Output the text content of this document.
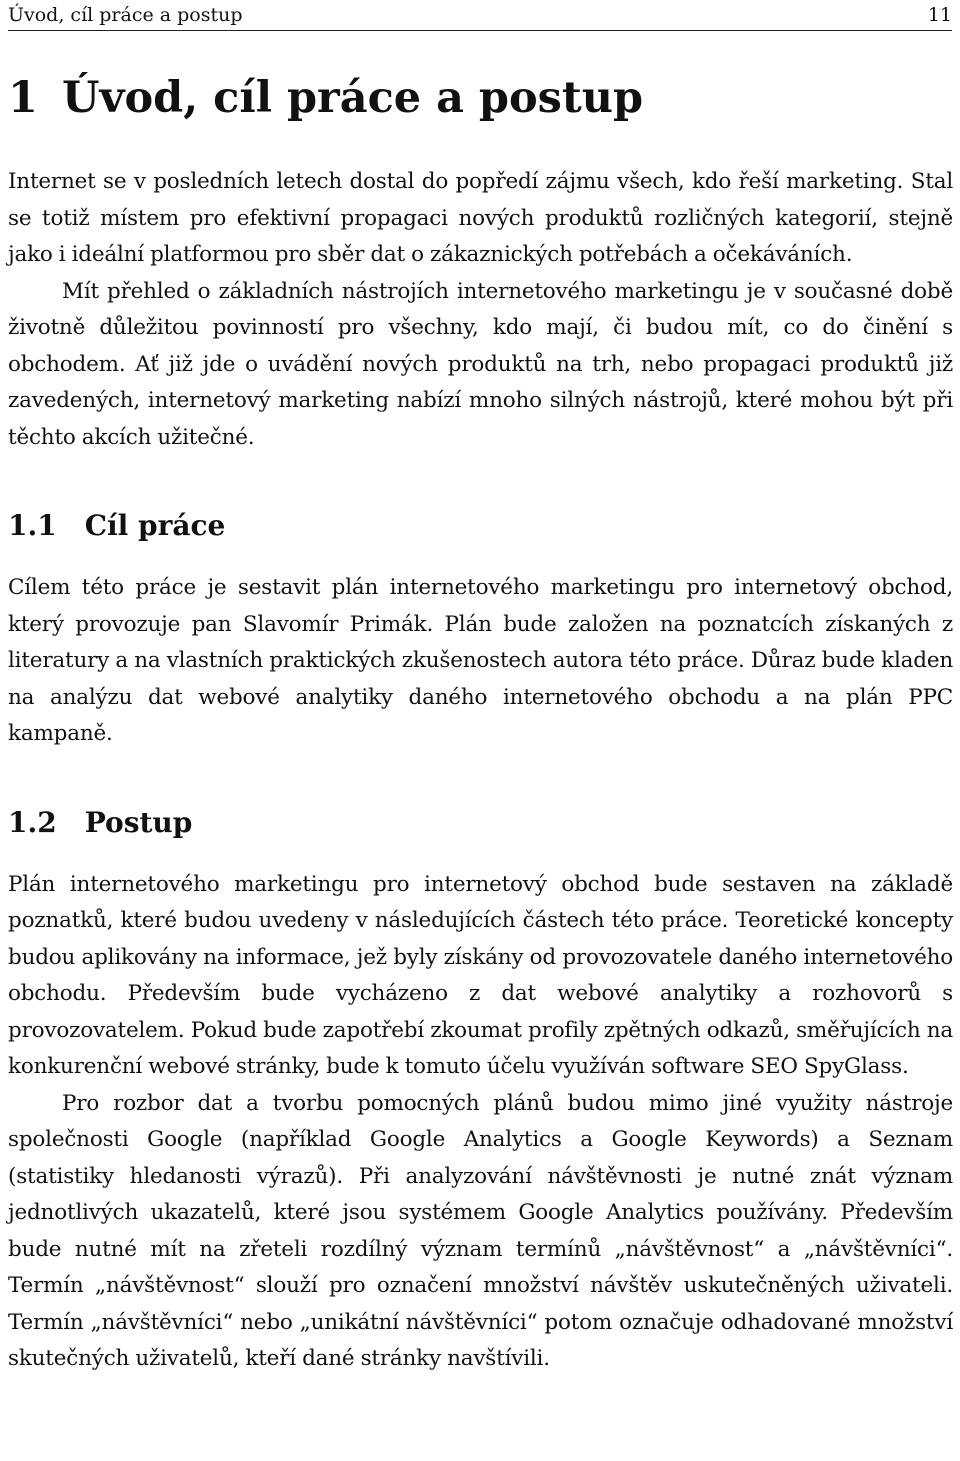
Úvod, cíl práce a postup	11
1 Úvod, cíl práce a postup

Internet se v posledních letech dostal do popředí zájmu všech, kdo řeší marketing. Stal se totiž místem pro efektivní propagaci nových produktů rozličných kategorií, stejně jako i ideální platformou pro sběr dat o zákaznických potřebách a očekáváních.

Mít přehled o základních nástrojích internetového marketingu je v současné době životně důležitou povinností pro všechny, kdo mají, či budou mít, co do činění s obchodem. Ať již jde o uvádění nových produktů na trh, nebo propagaci produktů již zavedených, internetový marketing nabízí mnoho silných nástrojů, které mohou být při těchto akcích užitečné.

1.1 Cíl práce

Cílem této práce je sestavit plán internetového marketingu pro internetový obchod, který provozuje pan Slavomír Primák. Plán bude založen na poznatcích získaných z literatury a na vlastních praktických zkušenostech autora této práce. Důraz bude kladen na analýzu dat webové analytiky daného internetového obchodu a na plán PPC kampaně.

1.2 Postup

Plán internetového marketingu pro internetový obchod bude sestaven na základě poznatků, které budou uvedeny v následujících částech této práce. Teoretické koncepty budou aplikovány na informace, jež byly získány od provozovatele daného internetového obchodu. Především bude vycházeno z dat webové analytiky a rozhovorů s provozovatelem. Pokud bude zapotřebí zkoumat profily zpětných odkazů, směřujících na konkurenční webové stránky, bude k tomuto účelu využíván software SEO SpyGlass.

Pro rozbor dat a tvorbu pomocných plánů budou mimo jiné využity nástroje společnosti Google (například Google Analytics a Google Keywords) a Seznam (statistiky hledanosti výrazů). Při analyzování návštěvnosti je nutné znát význam jednotlivých ukazatelů, které jsou systémem Google Analytics používány. Především bude nutné mít na zřeteli rozdílný význam termínů „návštěvnost“ a „návštěvníci“. Termín „návštěvnost“ slouží pro označení množství návštěv uskutečněných uživateli. Termín „návštěvníci“ nebo „unikátní návštěvníci“ potom označuje odhadované množství skutečných uživatelů, kteří dané stránky navštívili.
